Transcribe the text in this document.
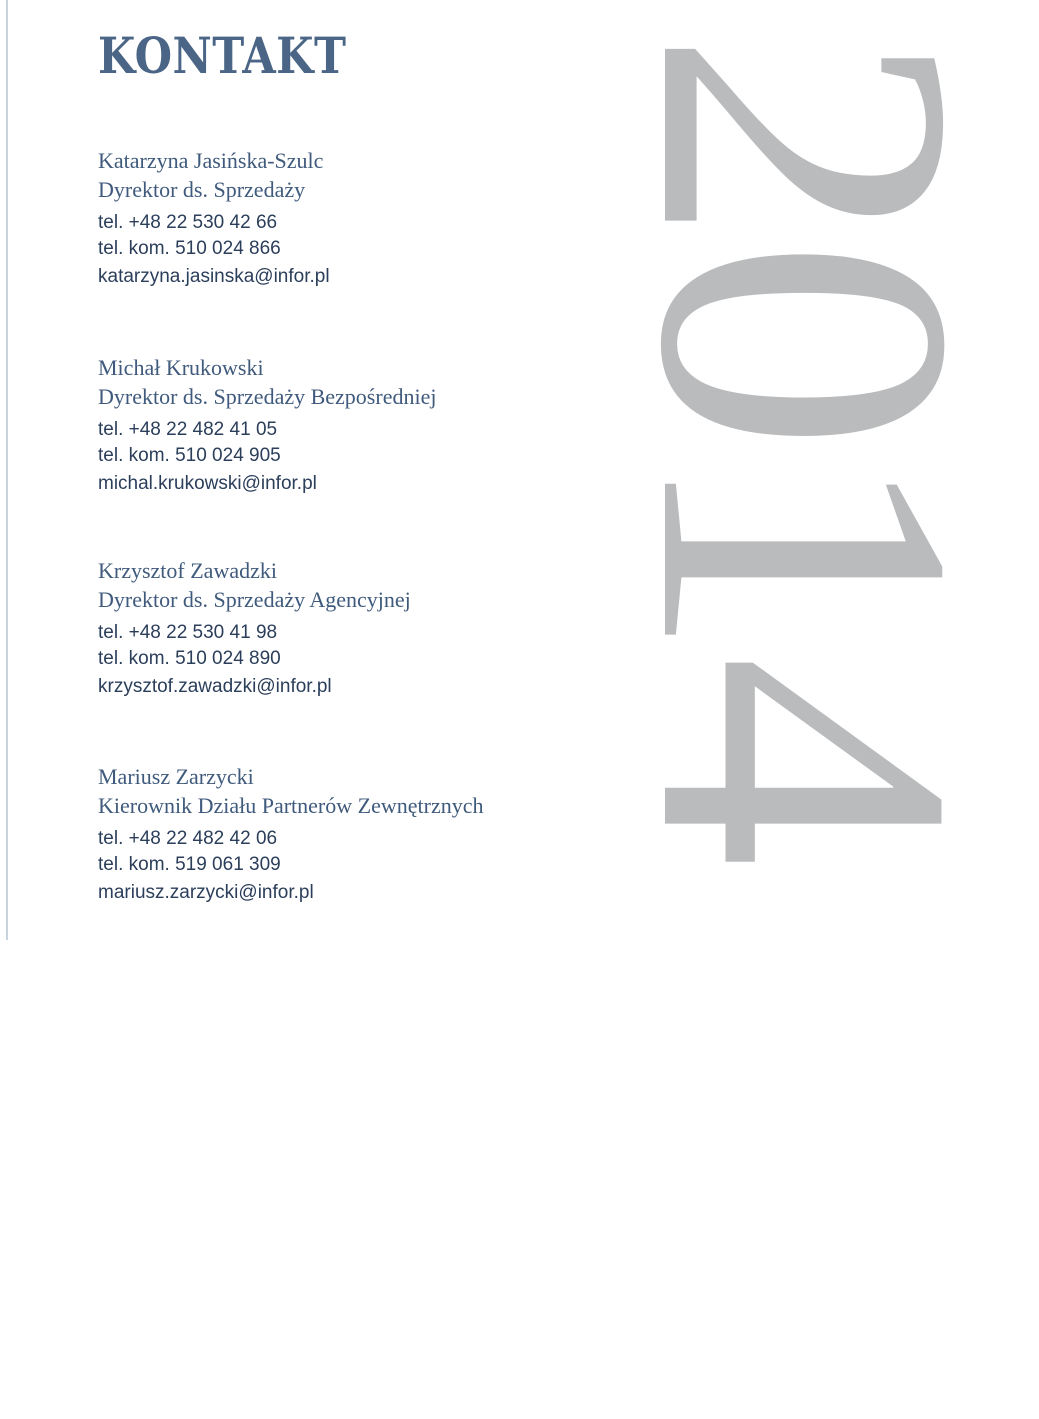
KONTAKT
Katarzyna Jasińska-Szulc
Dyrektor ds. Sprzedaży
tel. +48 22 530 42 66
tel. kom. 510 024 866
katarzyna.jasinska@infor.pl
Michał Krukowski
Dyrektor ds. Sprzedaży Bezpośredniej
tel. +48 22 482 41 05
tel. kom. 510 024 905
michal.krukowski@infor.pl
Krzysztof Zawadzki
Dyrektor ds. Sprzedaży Agencyjnej
tel. +48 22 530 41 98
tel. kom. 510 024 890
krzysztof.zawadzki@infor.pl
Mariusz Zarzycki
Kierownik Działu Partnerów Zewnętrznych
tel. +48 22 482 42 06
tel. kom. 519 061 309
mariusz.zarzycki@infor.pl
2014
